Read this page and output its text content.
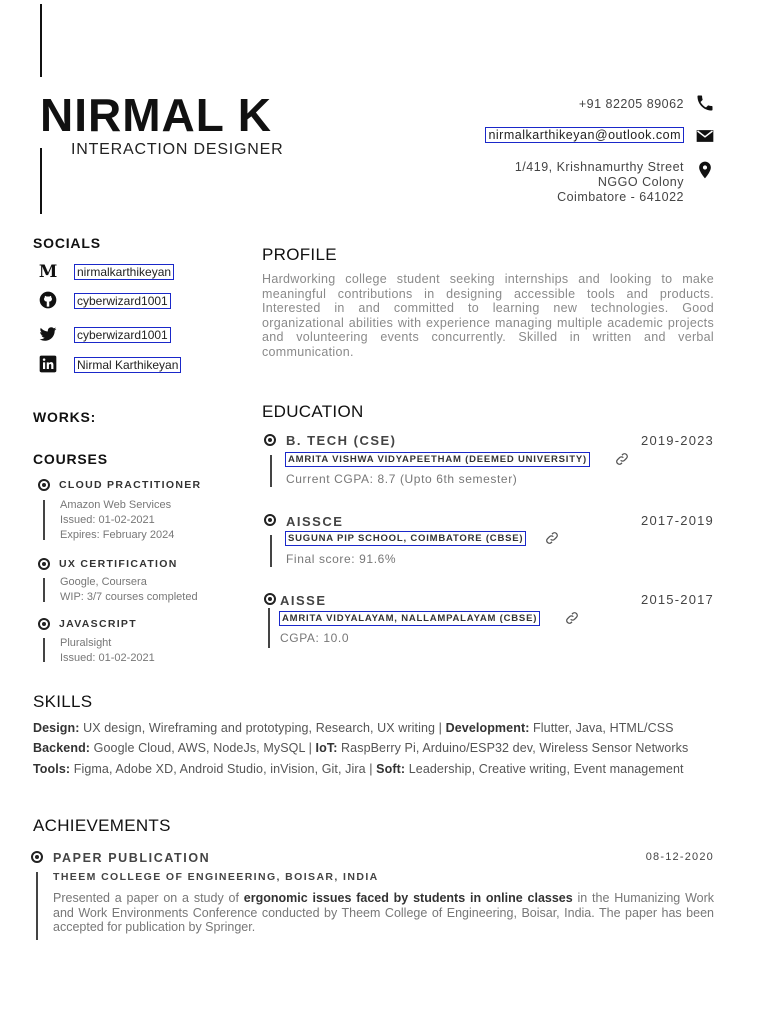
NIRMAL K
INTERACTION DESIGNER
+91 82205 89062
nirmalkarthikeyan@outlook.com
1/419, Krishnamurthy Street
NGGO Colony
Coimbatore - 641022
SOCIALS
M nirmalkarthikeyan
cyberwizard1001
cyberwizard1001
Nirmal Karthikeyan
WORKS:
COURSES
CLOUD PRACTITIONER
Amazon Web Services
Issued: 01-02-2021
Expires: February 2024
UX CERTIFICATION
Google, Coursera
WIP: 3/7 courses completed
JAVASCRIPT
Pluralsight
Issued: 01-02-2021
PROFILE
Hardworking college student seeking internships and looking to make meaningful contributions in designing accessible tools and products. Interested in and committed to learning new technologies. Good organizational abilities with experience managing multiple academic projects and volunteering events concurrently. Skilled in written and verbal communication.
EDUCATION
B. TECH (CSE)	2019-2023
AMRITA VISHWA VIDYAPEETHAM (DEEMED UNIVERSITY)
Current CGPA: 8.7 (Upto 6th semester)
AISSCE	2017-2019
SUGUNA PIP SCHOOL, COIMBATORE (CBSE)
Final score: 91.6%
AISSE	2015-2017
AMRITA VIDYALAYAM, NALLAMPALAYAM (CBSE)
CGPA: 10.0
SKILLS
Design: UX design, Wireframing and prototyping, Research, UX writing | Development: Flutter, Java, HTML/CSS
Backend: Google Cloud, AWS, NodeJs, MySQL | IoT: RaspBerry Pi, Arduino/ESP32 dev, Wireless Sensor Networks
Tools: Figma, Adobe XD, Android Studio, inVision, Git, Jira | Soft: Leadership, Creative writing, Event management
ACHIEVEMENTS
PAPER PUBLICATION	08-12-2020
THEEM COLLEGE OF ENGINEERING, BOISAR, INDIA
Presented a paper on a study of ergonomic issues faced by students in online classes in the Humanizing Work and Work Environments Conference conducted by Theem College of Engineering, Boisar, India. The paper has been accepted for publication by Springer.
